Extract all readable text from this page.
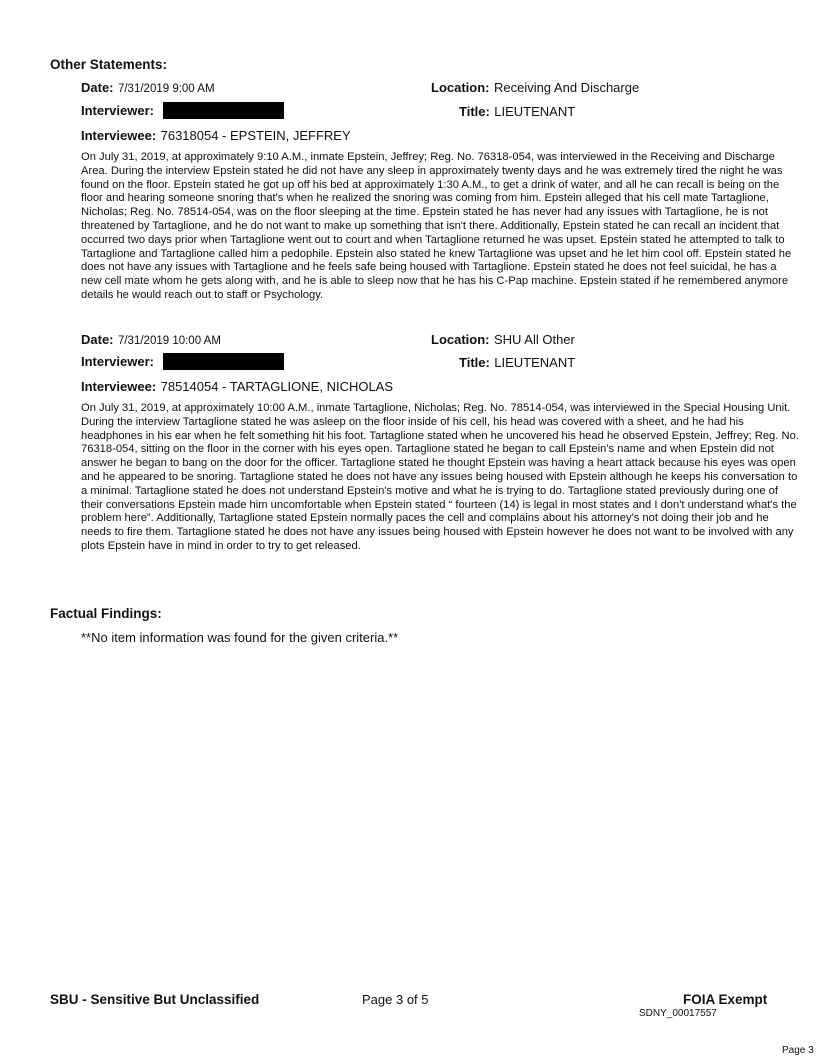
Other Statements:
Date: 7/31/2019 9:00 AM	Location: Receiving And Discharge
Interviewer:	Title: LIEUTENANT
Interviewee: 76318054 - EPSTEIN, JEFFREY
On July 31, 2019, at approximately 9:10 A.M., inmate Epstein, Jeffrey; Reg. No. 76318-054, was interviewed in the Receiving and Discharge Area. During the interview Epstein stated he did not have any sleep in approximately twenty days and he was extremely tired the night he was found on the floor. Epstein stated he got up off his bed at approximately 1:30 A.M., to get a drink of water, and all he can recall is being on the floor and hearing someone snoring that's when he realized the snoring was coming from him. Epstein alleged that his cell mate Tartaglione, Nicholas; Reg. No. 78514-054, was on the floor sleeping at the time. Epstein stated he has never had any issues with Tartaglione, he is not threatened by Tartaglione, and he do not want to make up something that isn't there. Additionally, Epstein stated he can recall an incident that occurred two days prior when Tartaglione went out to court and when Tartaglione returned he was upset. Epstein stated he attempted to talk to Tartaglione and Tartaglione called him a pedophile. Epstein also stated he knew Tartaglione was upset and he let him cool off. Epstein stated he does not have any issues with Tartaglione and he feels safe being housed with Tartaglione. Epstein stated he does not feel suicidal, he has a new cell mate whom he gets along with, and he is able to sleep now that he has his C-Pap machine. Epstein stated if he remembered anymore details he would reach out to staff or Psychology.
Date: 7/31/2019 10:00 AM	Location: SHU All Other
Interviewer:	Title: LIEUTENANT
Interviewee: 78514054 - TARTAGLIONE, NICHOLAS
On July 31, 2019, at approximately 10:00 A.M., inmate Tartaglione, Nicholas; Reg. No. 78514-054, was interviewed in the Special Housing Unit. During the interview Tartaglione stated he was asleep on the floor inside of his cell, his head was covered with a sheet, and he had his headphones in his ear when he felt something hit his foot. Tartaglione stated when he uncovered his head he observed Epstein, Jeffrey; Reg. No. 76318-054, sitting on the floor in the corner with his eyes open. Tartaglione stated he began to call Epstein's name and when Epstein did not answer he began to bang on the door for the officer. Tartaglione stated he thought Epstein was having a heart attack because his eyes was open and he appeared to be snoring. Tartaglione stated he does not have any issues being housed with Epstein although he keeps his conversation to a minimal. Tartaglione stated he does not understand Epstein's motive and what he is trying to do. Tartaglione stated previously during one of their conversations Epstein made him uncomfortable when Epstein stated “ fourteen (14) is legal in most states and I don't understand what's the problem here”. Additionally, Tartaglione stated Epstein normally paces the cell and complains about his attorney's not doing their job and he needs to fire them. Tartaglione stated he does not have any issues being housed with Epstein however he does not want to be involved with any plots Epstein have in mind in order to try to get released.
Factual Findings:
**No item information was found for the given criteria.**
SBU - Sensitive But Unclassified	Page 3 of 5	FOIA Exempt
SDNY_00017557
Page 3
